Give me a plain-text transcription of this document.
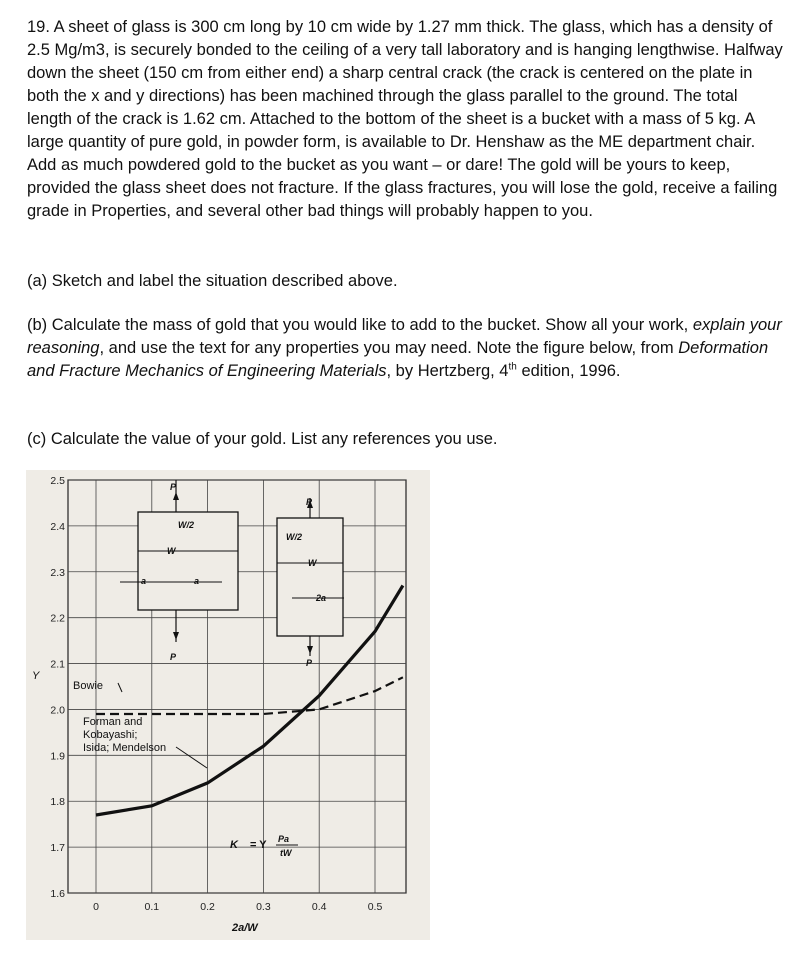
19. A sheet of glass is 300 cm long by 10 cm wide by 1.27 mm thick. The glass, which has a density of 2.5 Mg/m3, is securely bonded to the ceiling of a very tall laboratory and is hanging lengthwise. Halfway down the sheet (150 cm from either end) a sharp central crack (the crack is centered on the plate in both the x and y directions) has been machined through the glass parallel to the ground. The total length of the crack is 1.62 cm. Attached to the bottom of the sheet is a bucket with a mass of 5 kg. A large quantity of pure gold, in powder form, is available to Dr. Henshaw as the ME department chair. Add as much powdered gold to the bucket as you want – or dare! The gold will be yours to keep, provided the glass sheet does not fracture. If the glass fractures, you will lose the gold, receive a failing grade in Properties, and several other bad things will probably happen to you.

(a) Sketch and label the situation described above.

(b) Calculate the mass of gold that you would like to add to the bucket. Show all your work, explain your reasoning, and use the text for any properties you may need. Note the figure below, from Deformation and Fracture Mechanics of Engineering Materials, by Hertzberg, 4th edition, 1996.

(c) Calculate the value of your gold. List any references you use.

2.5
2.4
2.3
2.2
2.1
2.0
1.9
1.8
1.7
1.6
0	0.1	0.2	0.3	0.4	0.5
Y
2a/W
P
P
W
a	a
W/2
P
P
W
2a
W/2
Bowie
Forman and
Kobayashi;
Isida; Mendelson
K = Y Pa
tW
